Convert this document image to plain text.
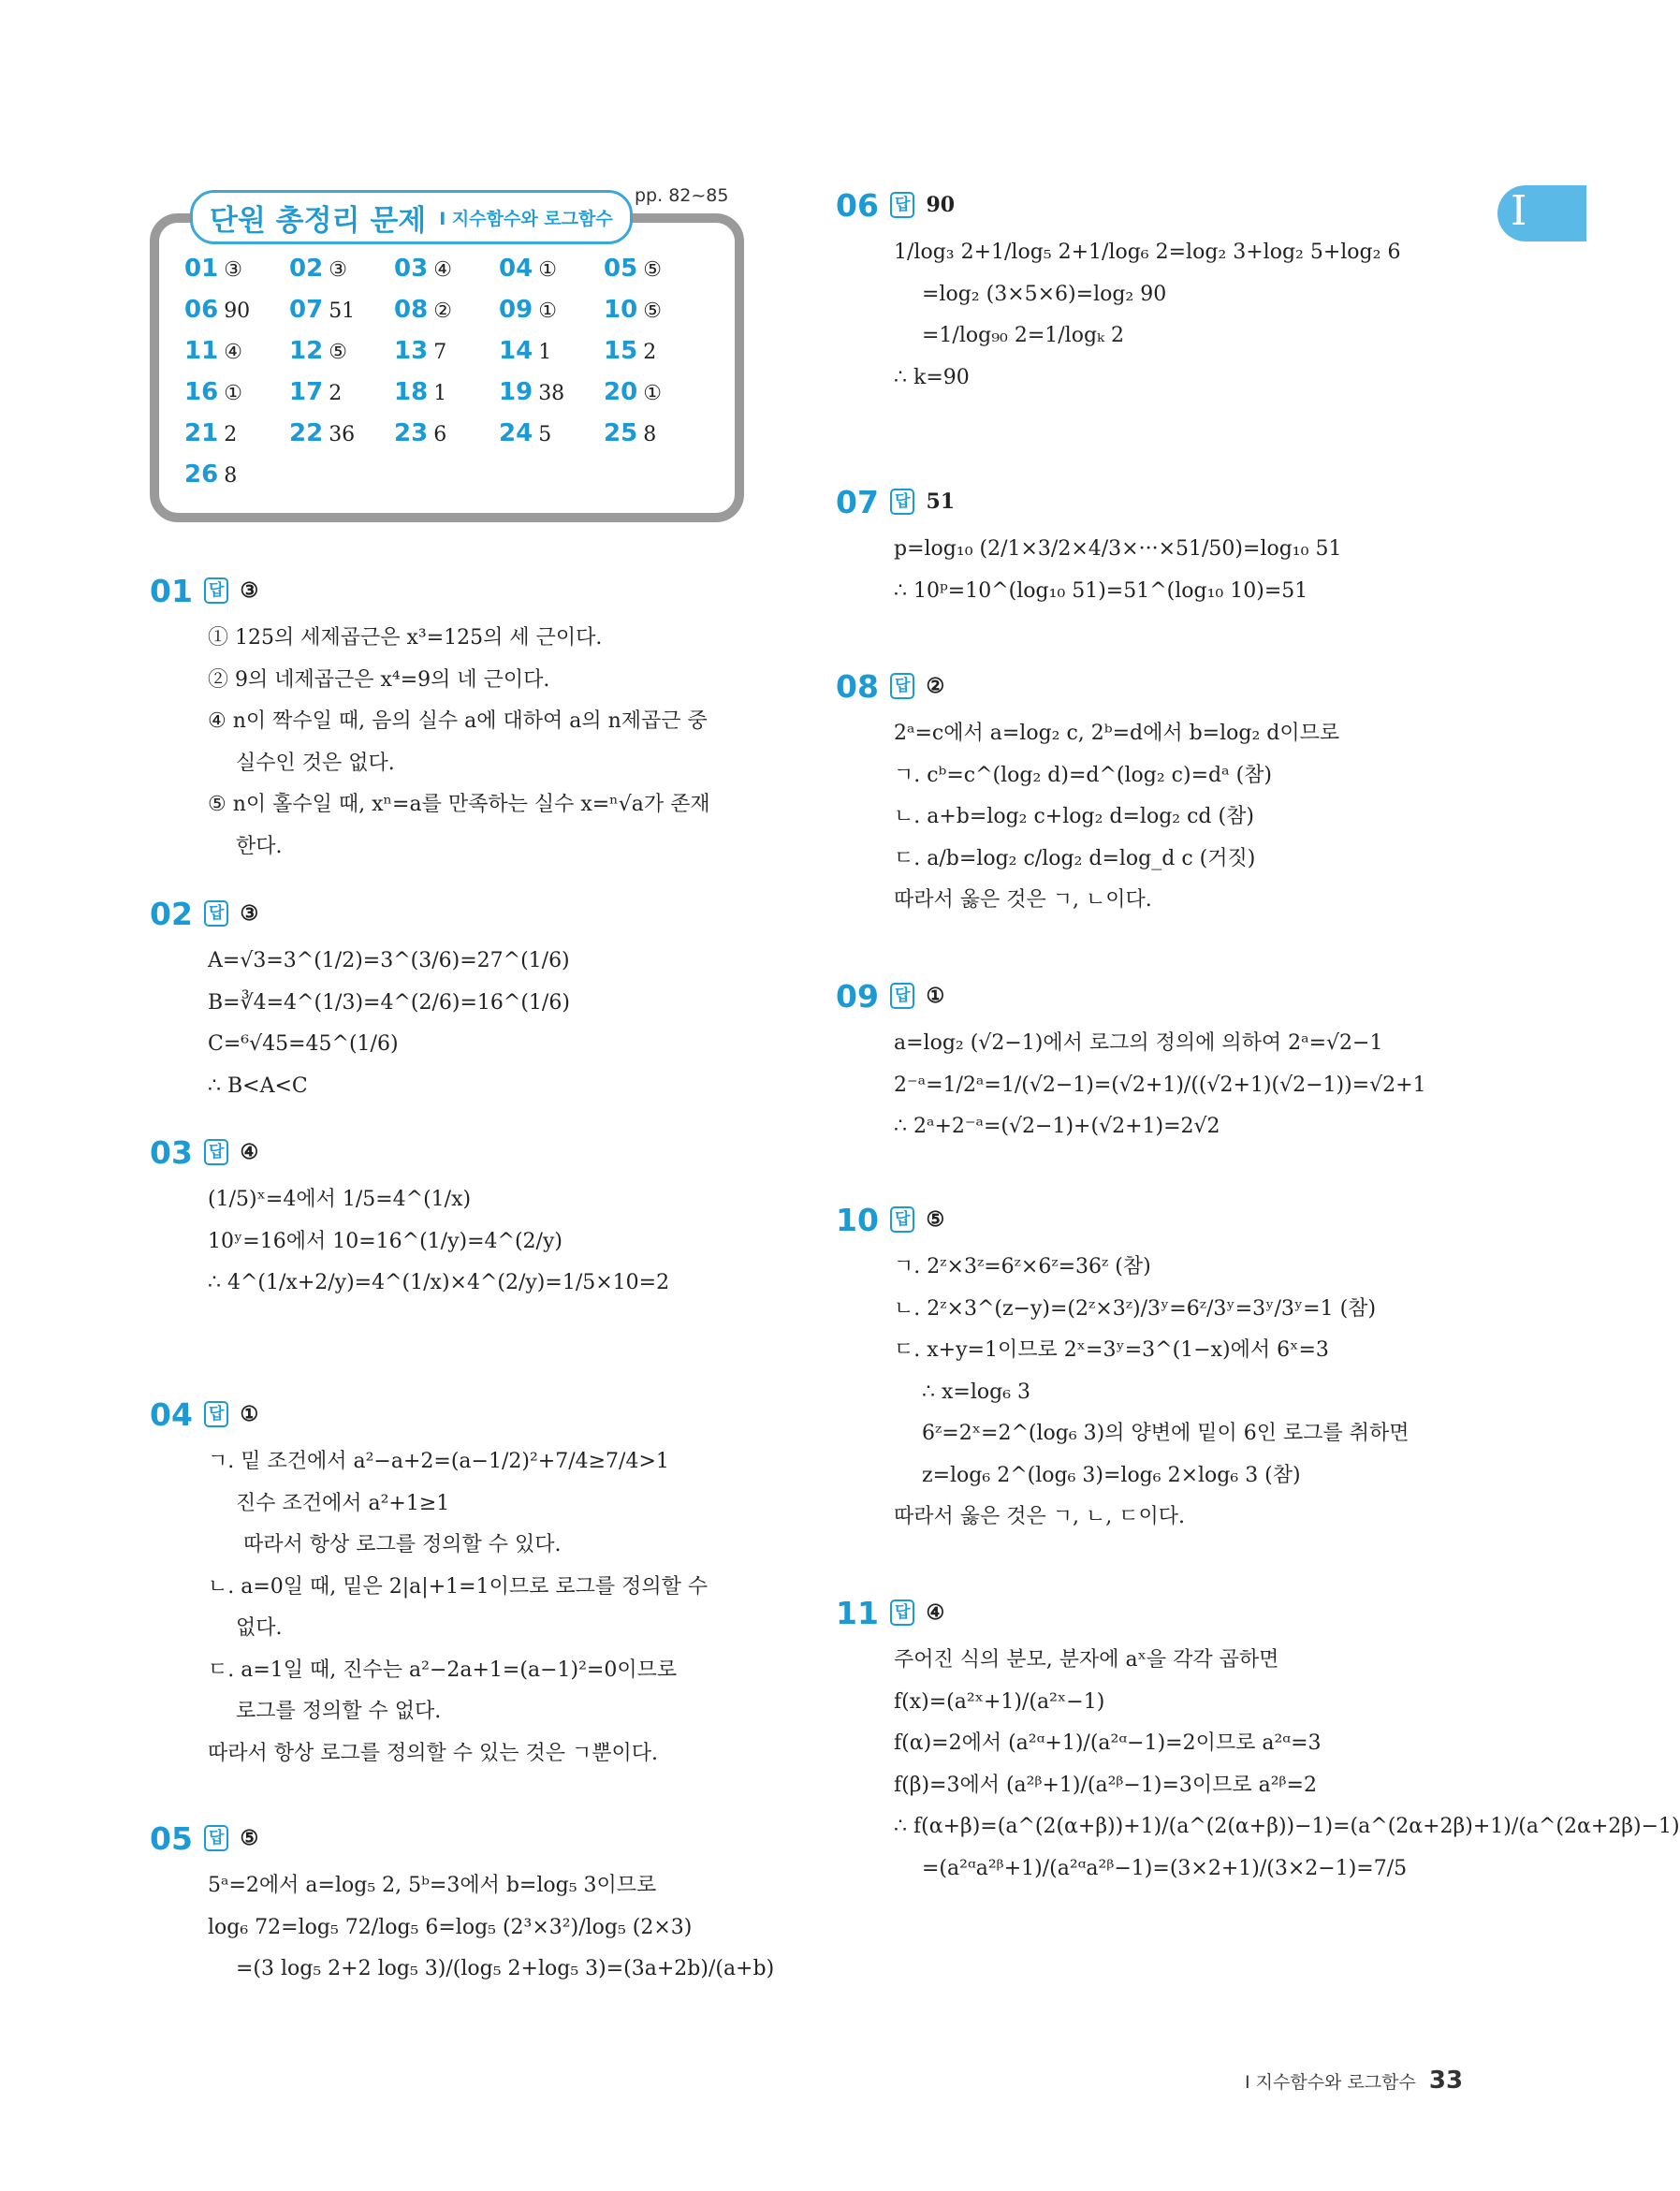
단원 총정리 문제 Ⅰ 지수함수와 로그함수
pp. 82~85
01 ③	02 ③	03 ④	04 ①	05 ⑤
06 90	07 51	08 ②	09 ①	10 ⑤
11 ④	12 ⑤	13 7	14 1	15 2
16 ①	17 2	18 1	19 38	20 ①
21 2	22 36	23 6	24 5	25 8
26 8
I
01	답 ③
① 125의 세제곱근은 x³=125의 세 근이다.
② 9의 네제곱근은 x⁴=9의 네 근이다.
④ n이 짝수일 때, 음의 실수 a에 대하여 a의 n제곱근 중
실수인 것은 없다.
⑤ n이 홀수일 때, xⁿ=a를 만족하는 실수 x=ⁿ√a가 존재
한다.
02	답 ③
A=√3=3^(1/2)=3^(3/6)=27^(1/6)
B=∛4=4^(1/3)=4^(2/6)=16^(1/6)
C=⁶√45=45^(1/6)
∴ B<A<C
03	답 ④
(1/5)ˣ=4에서 1/5=4^(1/x)
10ʸ=16에서 10=16^(1/y)=4^(2/y)
∴ 4^(1/x+2/y)=4^(1/x)×4^(2/y)=1/5×10=2
04	답 ①
ㄱ. 밑 조건에서 a²−a+2=(a−1/2)²+7/4≥7/4>1
진수 조건에서 a²+1≥1
따라서 항상 로그를 정의할 수 있다.
ㄴ. a=0일 때, 밑은 2|a|+1=1이므로 로그를 정의할 수
없다.
ㄷ. a=1일 때, 진수는 a²−2a+1=(a−1)²=0이므로
로그를 정의할 수 없다.
따라서 항상 로그를 정의할 수 있는 것은 ㄱ뿐이다.
05	답 ⑤
5ᵃ=2에서 a=log₅ 2, 5ᵇ=3에서 b=log₅ 3이므로
log₆ 72=log₅ 72/log₅ 6=log₅ (2³×3²)/log₅ (2×3)
=(3 log₅ 2+2 log₅ 3)/(log₅ 2+log₅ 3)=(3a+2b)/(a+b)
06	답 90
1/log₃ 2+1/log₅ 2+1/log₆ 2=log₂ 3+log₂ 5+log₂ 6
=log₂ (3×5×6)=log₂ 90
=1/log₉₀ 2=1/logₖ 2
∴ k=90
07	답 51
p=log₁₀ (2/1×3/2×4/3×···×51/50)=log₁₀ 51
∴ 10ᵖ=10^(log₁₀ 51)=51^(log₁₀ 10)=51
08	답 ②
2ᵃ=c에서 a=log₂ c, 2ᵇ=d에서 b=log₂ d이므로
ㄱ. cᵇ=c^(log₂ d)=d^(log₂ c)=dᵃ (참)
ㄴ. a+b=log₂ c+log₂ d=log₂ cd (참)
ㄷ. a/b=log₂ c/log₂ d=log_d c (거짓)
따라서 옳은 것은 ㄱ, ㄴ이다.
09	답 ①
a=log₂ (√2−1)에서 로그의 정의에 의하여 2ᵃ=√2−1
2⁻ᵃ=1/2ᵃ=1/(√2−1)=(√2+1)/((√2+1)(√2−1))=√2+1
∴ 2ᵃ+2⁻ᵃ=(√2−1)+(√2+1)=2√2
10	답 ⑤
ㄱ. 2ᶻ×3ᶻ=6ᶻ×6ᶻ=36ᶻ (참)
ㄴ. 2ᶻ×3^(z−y)=(2ᶻ×3ᶻ)/3ʸ=6ᶻ/3ʸ=3ʸ/3ʸ=1 (참)
ㄷ. x+y=1이므로 2ˣ=3ʸ=3^(1−x)에서 6ˣ=3
∴ x=log₆ 3
6ᶻ=2ˣ=2^(log₆ 3)의 양변에 밑이 6인 로그를 취하면
z=log₆ 2^(log₆ 3)=log₆ 2×log₆ 3 (참)
따라서 옳은 것은 ㄱ, ㄴ, ㄷ이다.
11	답 ④
주어진 식의 분모, 분자에 aˣ을 각각 곱하면
f(x)=(a²ˣ+1)/(a²ˣ−1)
f(α)=2에서 (a²ᵅ+1)/(a²ᵅ−1)=2이므로 a²ᵅ=3
f(β)=3에서 (a²ᵝ+1)/(a²ᵝ−1)=3이므로 a²ᵝ=2
∴ f(α+β)=(a^(2(α+β))+1)/(a^(2(α+β))−1)=(a^(2α+2β)+1)/(a^(2α+2β)−1)
=(a²ᵅa²ᵝ+1)/(a²ᵅa²ᵝ−1)=(3×2+1)/(3×2−1)=7/5
Ⅰ 지수함수와 로그함수 33
